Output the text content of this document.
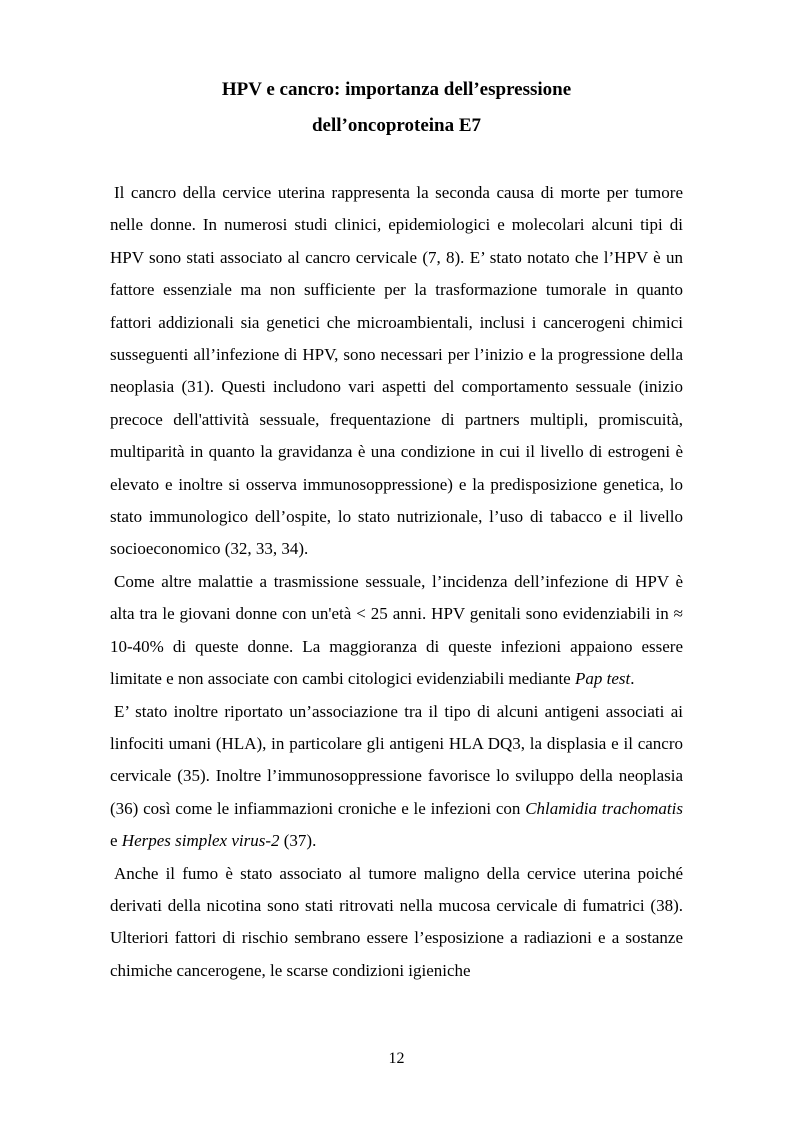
HPV e cancro: importanza dell’espressione
dell’oncoproteina E7

Il cancro della cervice uterina rappresenta la seconda causa di morte per tumore nelle donne. In numerosi studi clinici, epidemiologici e molecolari alcuni tipi di HPV sono stati associato al cancro cervicale (7, 8). E’ stato notato che l’HPV è un fattore essenziale ma non sufficiente per la trasformazione tumorale in quanto fattori addizionali sia genetici che microambientali, inclusi i cancerogeni chimici susseguenti all’infezione di HPV, sono necessari per l’inizio e la progressione della neoplasia (31). Questi includono vari aspetti del comportamento sessuale (inizio precoce dell'attività sessuale, frequentazione di partners multipli, promiscuità, multiparità in quanto la gravidanza è una condizione in cui il livello di estrogeni è elevato e inoltre si osserva immunosoppressione) e la predisposizione genetica, lo stato immunologico dell’ospite, lo stato nutrizionale, l’uso di tabacco e il livello socioeconomico (32, 33, 34).

Come altre malattie a trasmissione sessuale, l’incidenza dell’infezione di HPV è alta tra le giovani donne con un'età < 25 anni. HPV genitali sono evidenziabili in ≈ 10-40% di queste donne. La maggioranza di queste infezioni appaiono essere limitate e non associate con cambi citologici evidenziabili mediante Pap test.

E’ stato inoltre riportato un’associazione tra il tipo di alcuni antigeni associati ai linfociti umani (HLA), in particolare gli antigeni HLA DQ3, la displasia e il cancro cervicale (35). Inoltre l’immunosoppressione favorisce lo sviluppo della neoplasia (36) così come le infiammazioni croniche e le infezioni con Chlamidia trachomatis e Herpes simplex virus-2 (37).

Anche il fumo è stato associato al tumore maligno della cervice uterina poiché derivati della nicotina sono stati ritrovati nella mucosa cervicale di fumatrici (38). Ulteriori fattori di rischio sembrano essere l’esposizione a radiazioni e a sostanze chimiche cancerogene, le scarse condizioni igieniche

12
